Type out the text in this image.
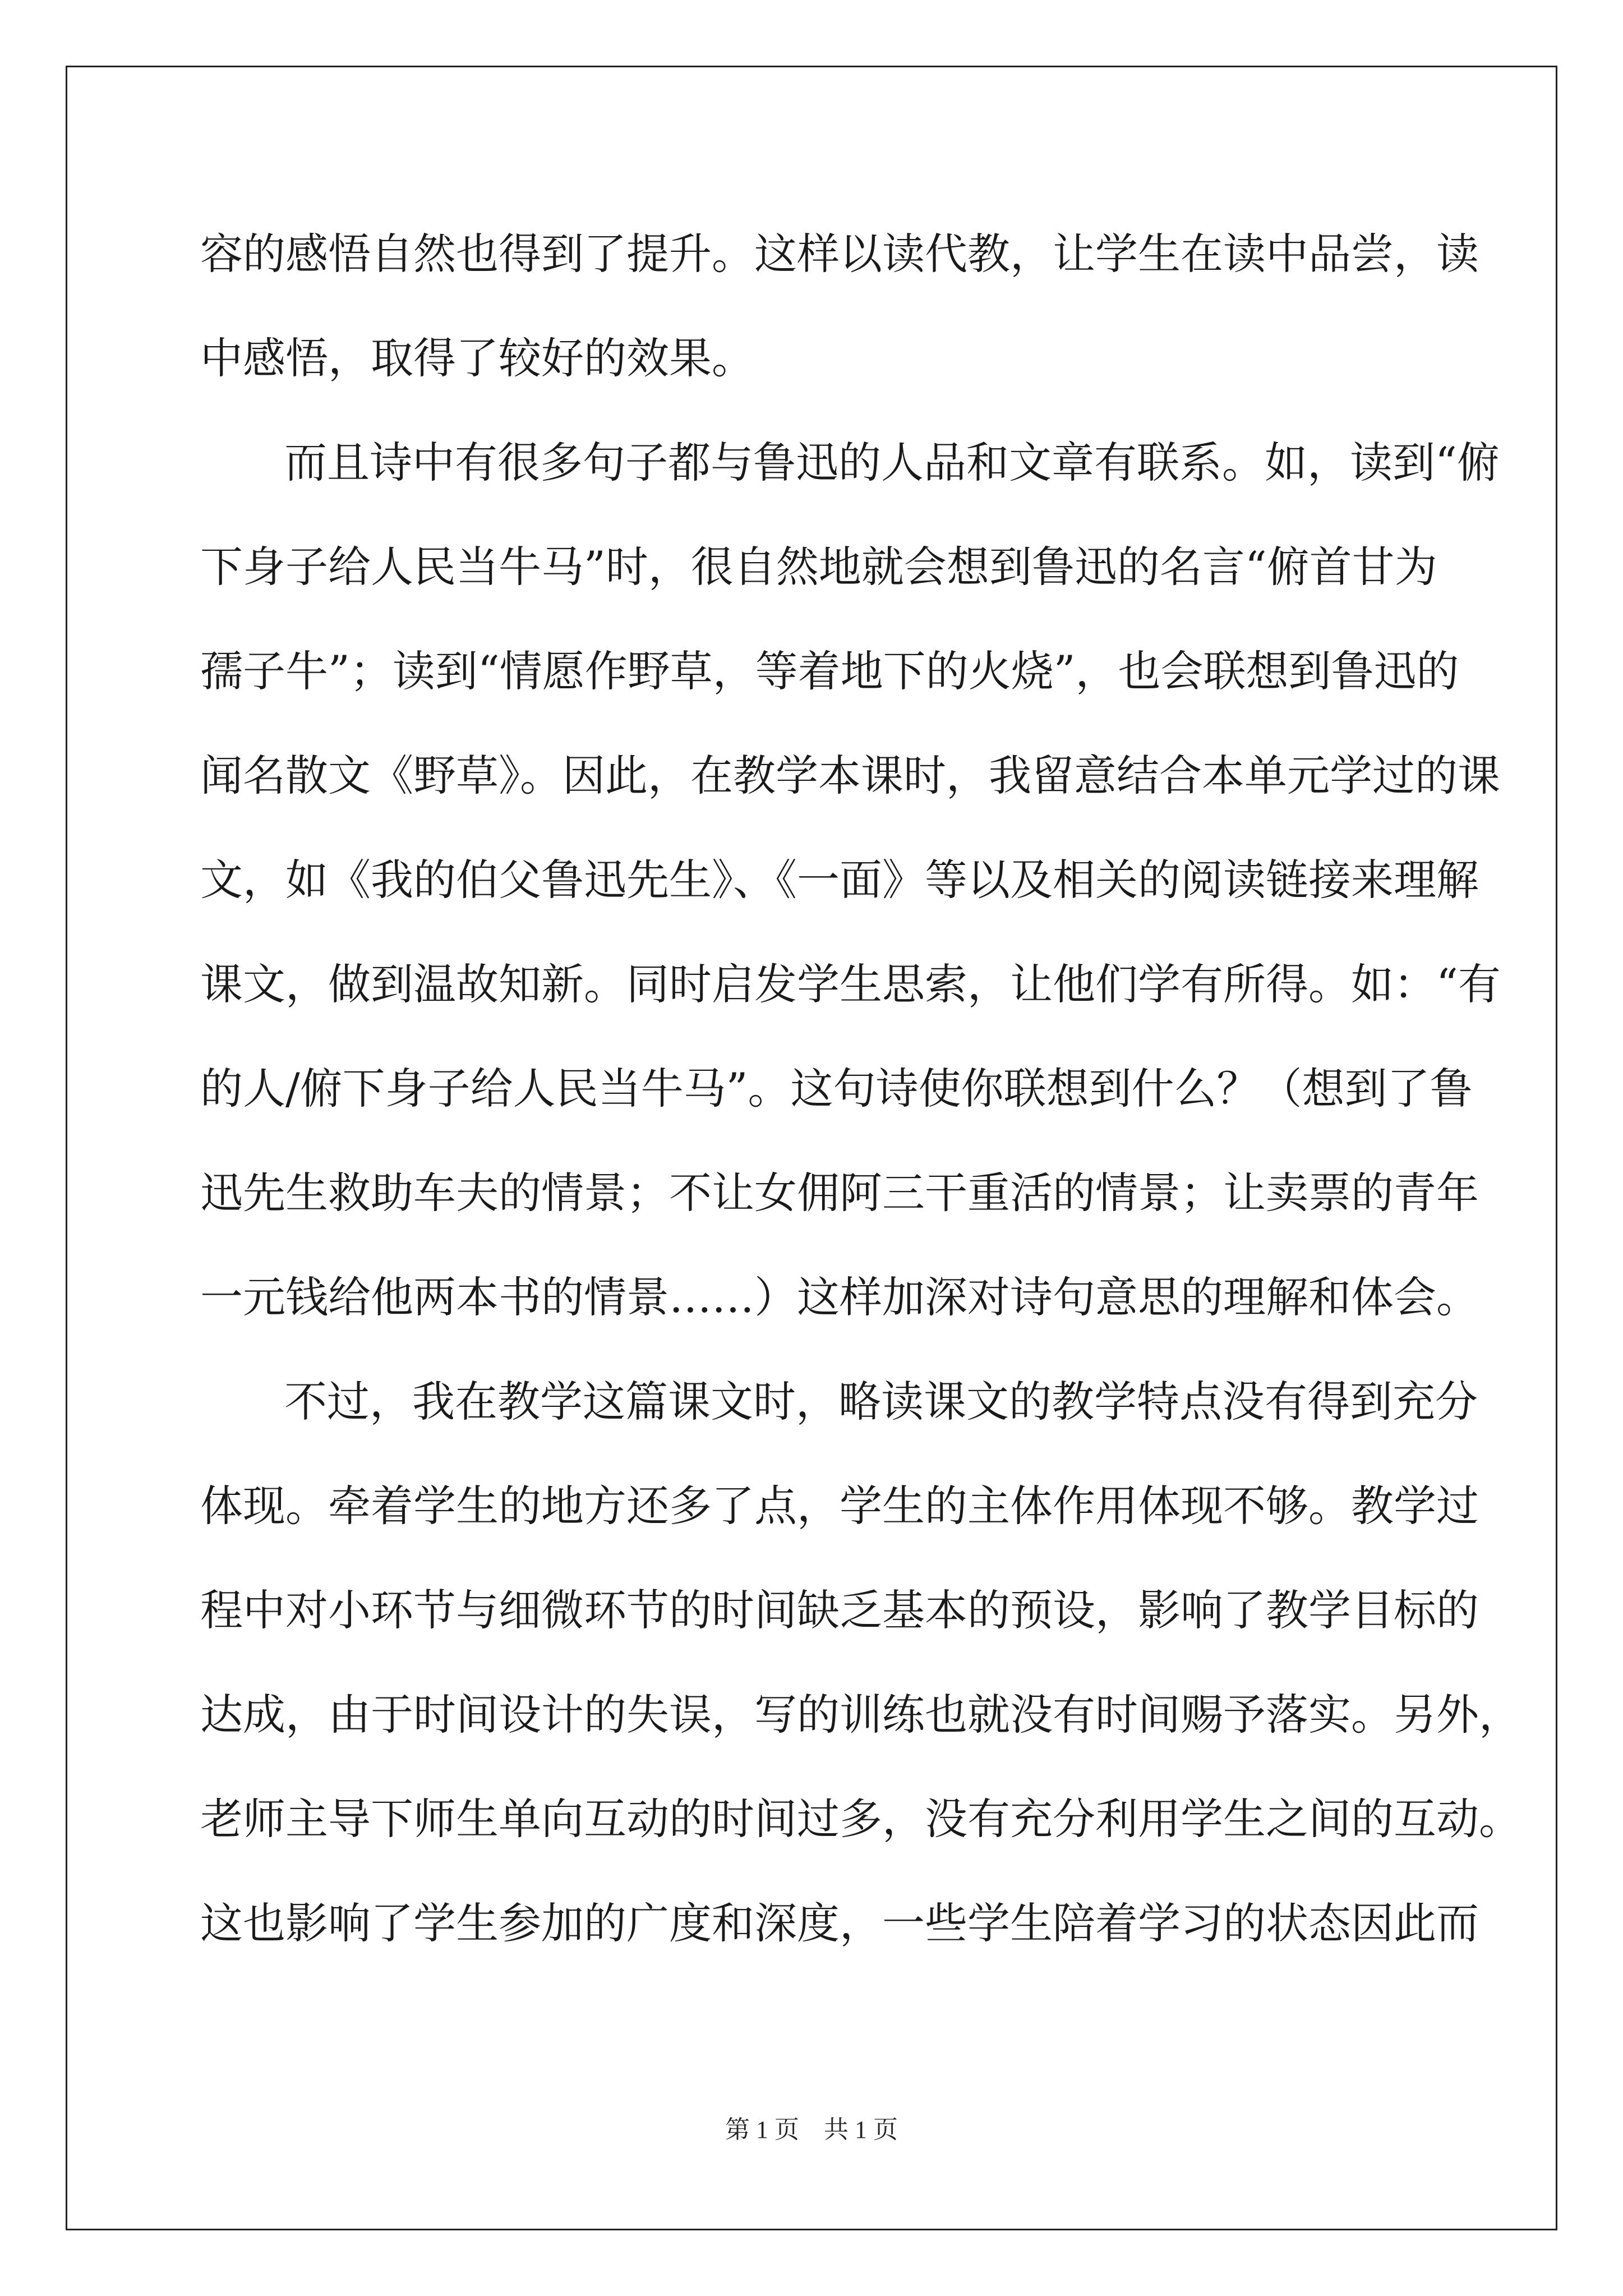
容的感悟自然也得到了提升。这样以读代教，让学生在读中品尝，读
中感悟，取得了较好的效果。

而且诗中有很多句子都与鲁迅的人品和文章有联系。如，读到“俯
下身子给人民当牛马”时，很自然地就会想到鲁迅的名言“俯首甘为
孺子牛”；读到“情愿作野草，等着地下的火烧”，也会联想到鲁迅的
闻名散文《野草》。因此，在教学本课时，我留意结合本单元学过的课
文，如《我的伯父鲁迅先生》、《一面》等以及相关的阅读链接来理解
课文，做到温故知新。同时启发学生思索，让他们学有所得。如：“有
的人/俯下身子给人民当牛马”。这句诗使你联想到什么？（想到了鲁
迅先生救助车夫的情景；不让女佣阿三干重活的情景；让卖票的青年
一元钱给他两本书的情景……）这样加深对诗句意思的理解和体会。

不过，我在教学这篇课文时，略读课文的教学特点没有得到充分
体现。牵着学生的地方还多了点，学生的主体作用体现不够。教学过
程中对小环节与细微环节的时间缺乏基本的预设，影响了教学目标的
达成，由于时间设计的失误，写的训练也就没有时间赐予落实。另外，
老师主导下师生单向互动的时间过多，没有充分利用学生之间的互动。
这也影响了学生参加的广度和深度，一些学生陪着学习的状态因此而

第 1 页　共 1 页
